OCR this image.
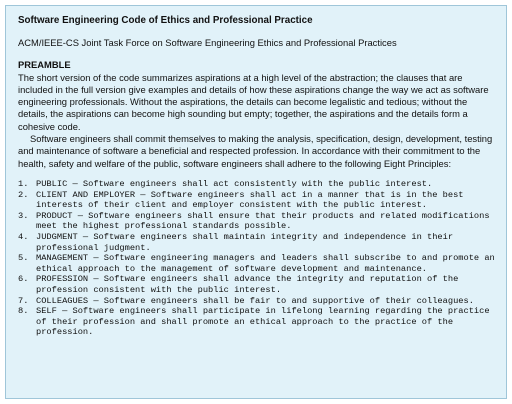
Software Engineering Code of Ethics and Professional Practice
ACM/IEEE-CS Joint Task Force on Software Engineering Ethics and Professional Practices
PREAMBLE

The short version of the code summarizes aspirations at a high level of the abstraction; the clauses that are included in the full version give examples and details of how these aspirations change the way we act as software engineering professionals. Without the aspirations, the details can become legalistic and tedious; without the details, the aspirations can become high sounding but empty; together, the aspirations and the details form a cohesive code.

Software engineers shall commit themselves to making the analysis, specification, design, development, testing and maintenance of software a beneficial and respected profession. In accordance with their commitment to the health, safety and welfare of the public, software engineers shall adhere to the following Eight Principles:

1. PUBLIC — Software engineers shall act consistently with the public interest.
2. CLIENT AND EMPLOYER — Software engineers shall act in a manner that is in the best interests of their client and employer consistent with the public interest.
3. PRODUCT — Software engineers shall ensure that their products and related modifications meet the highest professional standards possible.
4. JUDGMENT — Software engineers shall maintain integrity and independence in their professional judgment.
5. MANAGEMENT — Software engineering managers and leaders shall subscribe to and promote an ethical approach to the management of software development and maintenance.
6. PROFESSION — Software engineers shall advance the integrity and reputation of the profession consistent with the public interest.
7. COLLEAGUES — Software engineers shall be fair to and supportive of their colleagues.
8. SELF — Software engineers shall participate in lifelong learning regarding the practice of their profession and shall promote an ethical approach to the practice of the profession.
